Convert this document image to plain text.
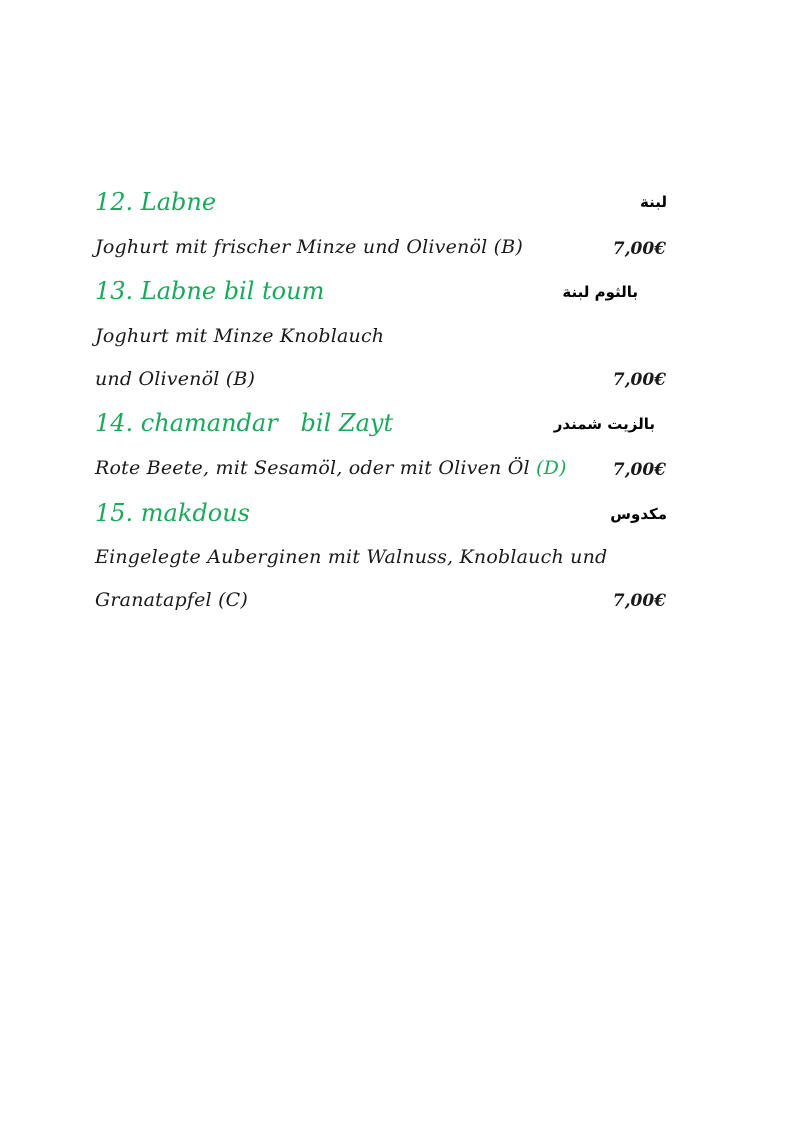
12. Labne	لبنة
Joghurt mit frischer Minze und Olivenöl (B)	7,00€
13. Labne bil toum	بالثوم لبنة
Joghurt mit Minze Knoblauch
und Olivenöl (B)	7,00€
14. chamandar   bil Zayt	بالزيت شمندر
Rote Beete, mit Sesamöl, oder mit Oliven Öl (D)	7,00€
15. makdous	مكدوس
Eingelegte Auberginen mit Walnuss, Knoblauch und
Granatapfel (C)	7,00€
